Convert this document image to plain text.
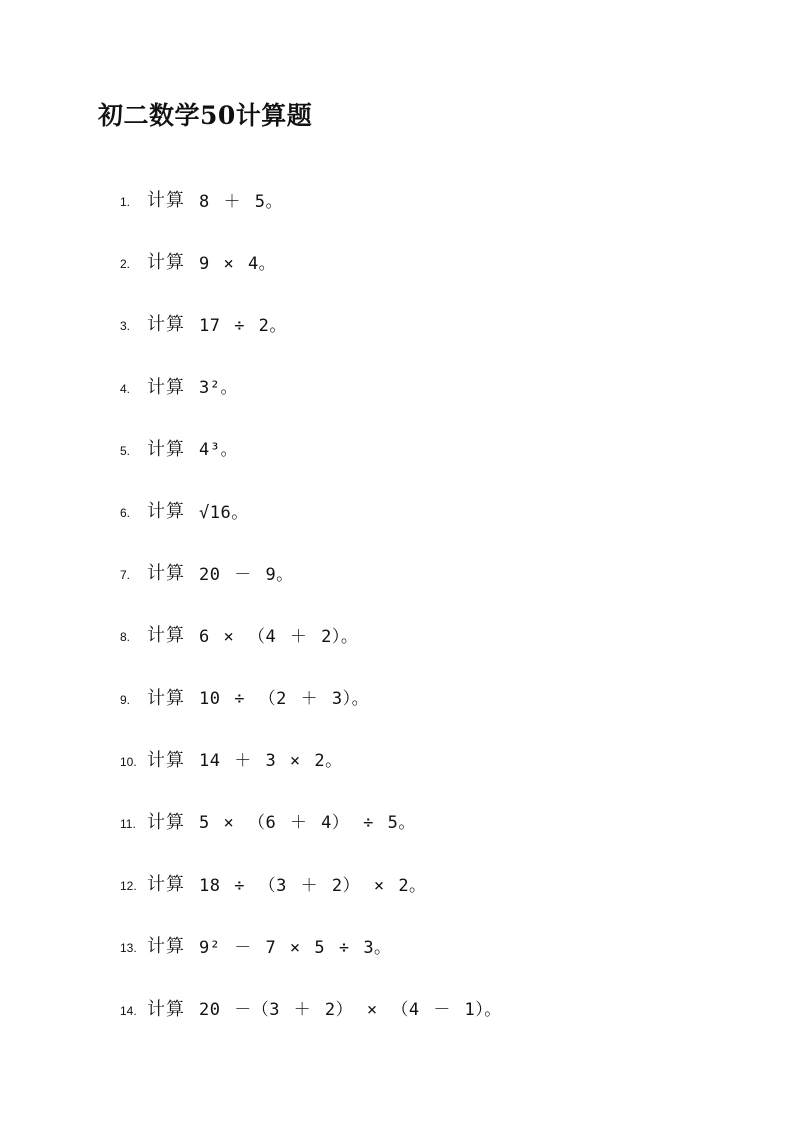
初二数学50计算题
1. 计算 8 ＋ 5。
2. 计算 9 × 4。
3. 计算 17 ÷ 2。
4. 计算 3²。
5. 计算 4³。
6. 计算 √16。
7. 计算 20 － 9。
8. 计算 6 × （4 ＋ 2）。
9. 计算 10 ÷ （2 ＋ 3）。
10. 计算 14 ＋ 3 × 2。
11. 计算 5 × （6 ＋ 4） ÷ 5。
12. 计算 18 ÷ （3 ＋ 2） × 2。
13. 计算 9² － 7 × 5 ÷ 3。
14. 计算 20 －（3 ＋ 2） × （4 － 1）。
